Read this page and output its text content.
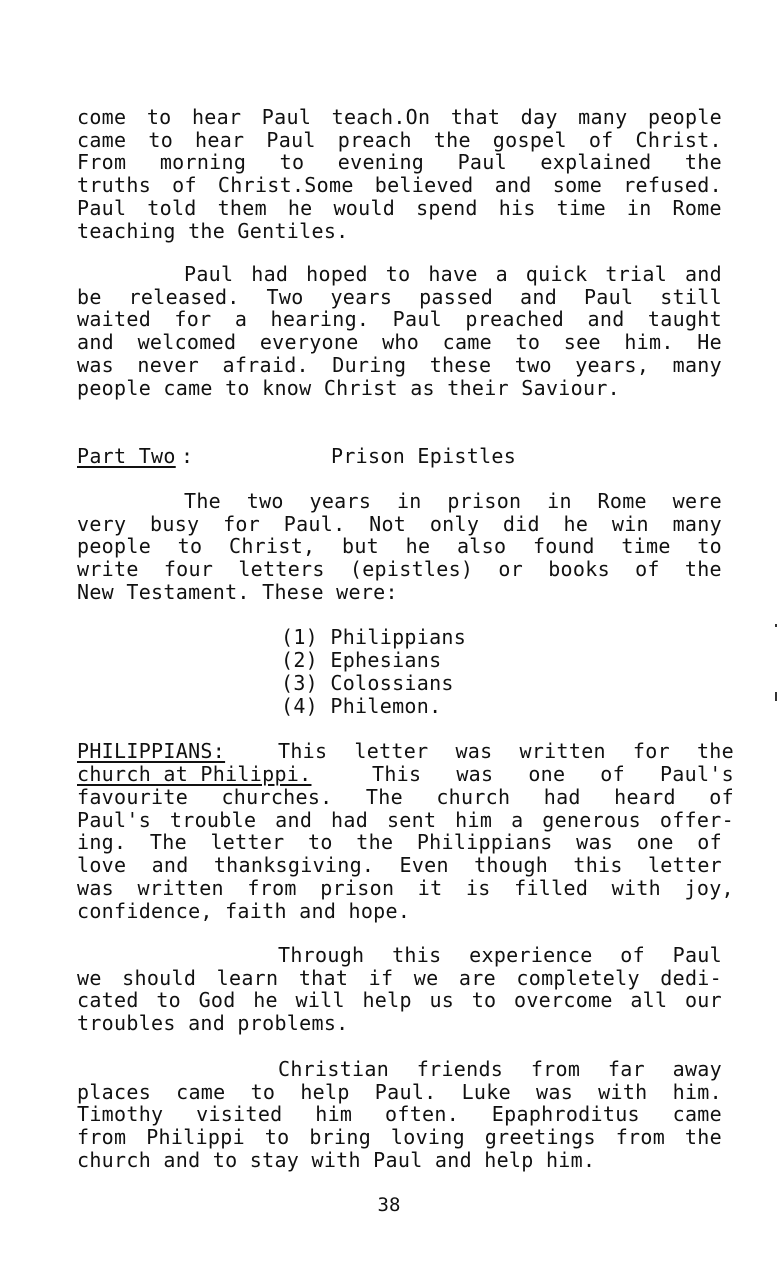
come to hear Paul teach.On that day many people
came to hear Paul preach the gospel of Christ.
From morning to evening Paul explained the
truths of Christ.Some believed and some refused.
Paul told them he would spend his time in Rome
teaching the Gentiles.
Paul had hoped to have a quick trial and
be released. Two years passed and Paul still
waited for a hearing. Paul preached and taught
and welcomed everyone who came to see him. He
was never afraid. During these two years, many
people came to know Christ as their Saviour.
Part Two :	Prison Epistles
The two years in prison in Rome were
very busy for Paul. Not only did he win many
people to Christ, but he also found time to
write four letters (epistles) or books of the
New Testament. These were:
(1) Philippians
(2) Ephesians
(3) Colossians
(4) Philemon.
PHILIPPIANS:	This letter was written for the
church at Philippi.	This was one of Paul's
favourite churches. The church had heard of
Paul's trouble and had sent him a generous offer-
ing. The letter to the Philippians was one of
love and thanksgiving. Even though this letter
was written from prison it is filled with joy,
confidence, faith and hope.
Through this experience of Paul
we should learn that if we are completely dedi-
cated to God he will help us to overcome all our
troubles and problems.
Christian friends from far away
places came to help Paul. Luke was with him.
Timothy visited him often. Epaphroditus came
from Philippi to bring loving greetings from the
church and to stay with Paul and help him.
38
